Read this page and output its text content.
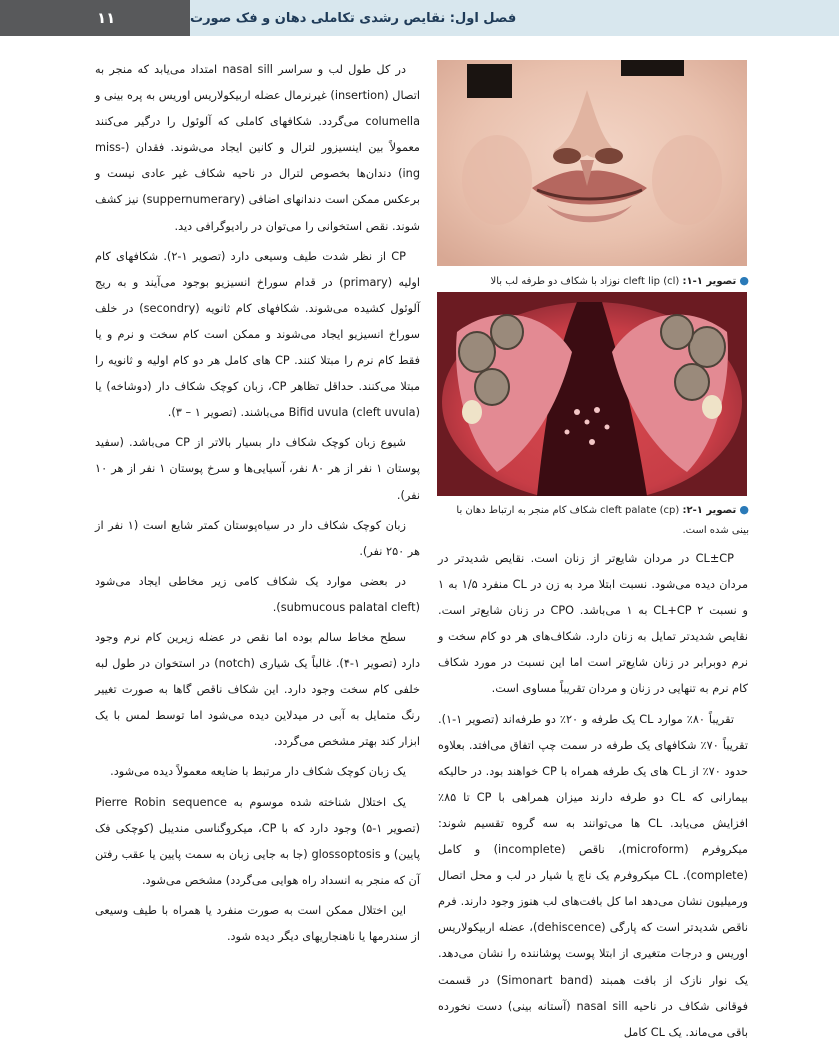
۱۱	فصل اول: نقایص رشدی تکاملی دهان و فک صورت

در کل طول لب و سراسر nasal sill امتداد می‌یابد که منجر به اتصال (insertion) غیرنرمال عضله اربیکولاریس اوریس به پره بینی و columella می‌گردد. شکافهای کاملی که آلوئول را درگیر می‌کنند معمولاً بین اینسیزور لترال و کانین ایجاد می‌شوند. فقدان (-miss ing) دندان‌ها بخصوص لترال در ناحیه شکاف غیر عادی نیست و برعکس ممکن است دندانهای اضافی (suppernumerary) نیز کشف شوند. نقص استخوانی را می‌توان در رادیوگرافی دید.

CP از نظر شدت طیف وسیعی دارد (تصویر ۱-۲). شکافهای کام اولیه (primary) در قدام سوراخ انسیزیو بوجود می‌آیند و به ریج آلوئول کشیده می‌شوند. شکافهای کام ثانویه (secondry) در خلف سوراخ انسیزیو ایجاد می‌شوند و ممکن است کام سخت و نرم و یا فقط کام نرم را مبتلا کنند. CP های کامل هر دو کام اولیه و ثانویه را مبتلا می‌کنند. حداقل تظاهر CP، زبان کوچک شکاف دار (دوشاخه) یا Bifid uvula (cleft uvula) می‌باشند. (تصویر ۱ – ۳).

شیوع زبان کوچک شکاف دار بسیار بالاتر از CP می‌باشد. (سفید پوستان ۱ نفر از هر ۸۰ نفر، آسیایی‌ها و سرخ پوستان ۱ نفر از هر ۱۰ نفر).

زبان کوچک شکاف دار در سیاه‌پوستان کمتر شایع است (۱ نفر از هر ۲۵۰ نفر).

در بعضی موارد یک شکاف کامی زیر مخاطی ایجاد می‌شود (submucous palatal cleft).

سطح مخاط سالم بوده اما نقص در عضله زیرین کام نرم وجود دارد (تصویر ۱-۴). غالباً یک شیاری (notch) در استخوان در طول لبه خلفی کام سخت وجود دارد. این شکاف ناقص گاها به صورت تغییر رنگ متمایل به آبی در میدلاین دیده می‌شود اما توسط لمس با یک ابزار کند بهتر مشخص می‌گردد.

یک زبان کوچک شکاف دار مرتبط با ضایعه معمولاً دیده می‌شود.

یک اختلال شناخته شده موسوم به Pierre Robin sequence (تصویر ۱-۵) وجود دارد که با CP، میکروگناسی مندیبل (کوچکی فک پایین) و glossoptosis (جا به جایی زبان به سمت پایین یا عقب رفتن آن که منجر به انسداد راه هوایی می‌گردد) مشخص می‌شود.

این اختلال ممکن است به صورت منفرد یا همراه با طیف وسیعی از سندرمها یا ناهنجاریهای دیگر دیده شود.

● تصویر ۱-۱: cleft lip (cl) نوزاد با شکاف دو طرفه لب بالا
● تصویر ۱-۲: cleft palate (cp) شکاف کام منجر به ارتباط دهان با بینی شده است.

CL±CP در مردان شایع‌تر از زنان است. نقایص شدیدتر در مردان دیده می‌شود. نسبت ابتلا مرد به زن در CL منفرد ۱/۵ به ۱ و نسبت CL+CP ۲ به ۱ می‌باشد. CPO در زنان شایع‌تر است. نقایص شدیدتر تمایل به زنان دارد. شکاف‌های هر دو کام سخت و نرم دوبرابر در زنان شایع‌تر است اما این نسبت در مورد شکاف کام نرم به تنهایی در زنان و مردان تقریباً مساوی است.

تقریباً ۸۰٪ موارد CL یک طرفه و ۲۰٪ دو طرفه‌اند (تصویر ۱-۱). تقریباً ۷۰٪ شکافهای یک طرفه در سمت چپ اتفاق می‌افتد. بعلاوه حدود ۷۰٪ از CL های یک طرفه همراه با CP خواهند بود. در حالیکه بیمارانی که CL دو طرفه دارند میزان همراهی با CP تا ۸۵٪ افزایش می‌یابد. CL ها می‌توانند به سه گروه تقسیم شوند: میکروفرم (microform)، ناقص (incomplete) و کامل (complete). CL میکروفرم یک ناچ یا شیار در لب و محل اتصال ورمیلیون نشان می‌دهد اما کل بافت‌های لب هنوز وجود دارند. فرم ناقص شدیدتر است که پارگی (dehiscence)، عضله اربیکولاریس اوریس و درجات متغیری از ابتلا پوست پوشاننده را نشان می‌دهد. یک نوار نازک از بافت همبند (Simonart band) در قسمت فوقانی شکاف در ناحیه nasal sill (آستانه بینی) دست نخورده باقی می‌ماند. یک CL کامل
